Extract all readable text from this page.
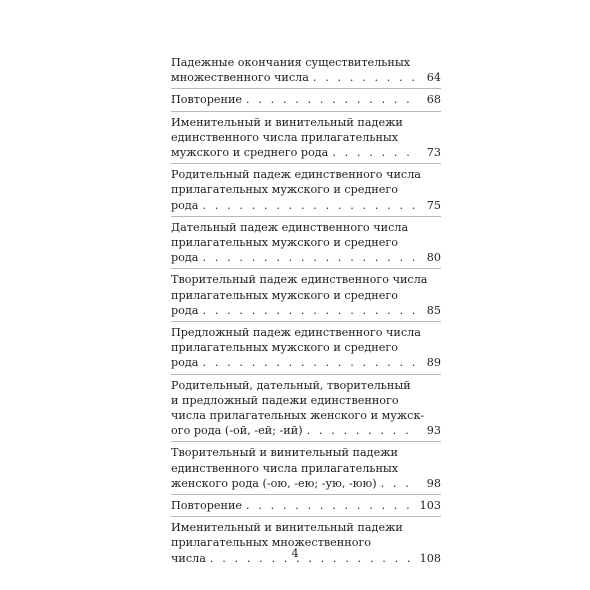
Падежные окончания существительных
множественного числа . . .	64
Повторение . . .	68
Именительный и винительный падежи
единственного числа прилагательных
мужского и среднего рода . . .	73
Родительный падеж единственного числа
прилагательных мужского и среднего
рода . . .	75
Дательный падеж единственного числа
прилагательных мужского и среднего
рода . . .	80
Творительный падеж единственного числа
прилагательных мужского и среднего
рода . . .	85
Предложный падеж единственного числа
прилагательных мужского и среднего
рода . . .	89
Родительный, дательный, творительный
и предложный падежи единственного
числа прилагательных женского и мужск-
ого рода (-ой, -ей; -ий) . . .	93
Творительный и винительный падежи
единственного числа прилагательных
женского рода (-ою, -ею; -ую, -юю) . . .	98
Повторение . . .	103
Именительный и винительный падежи
прилагательных множественного
числа . . .	108
4
